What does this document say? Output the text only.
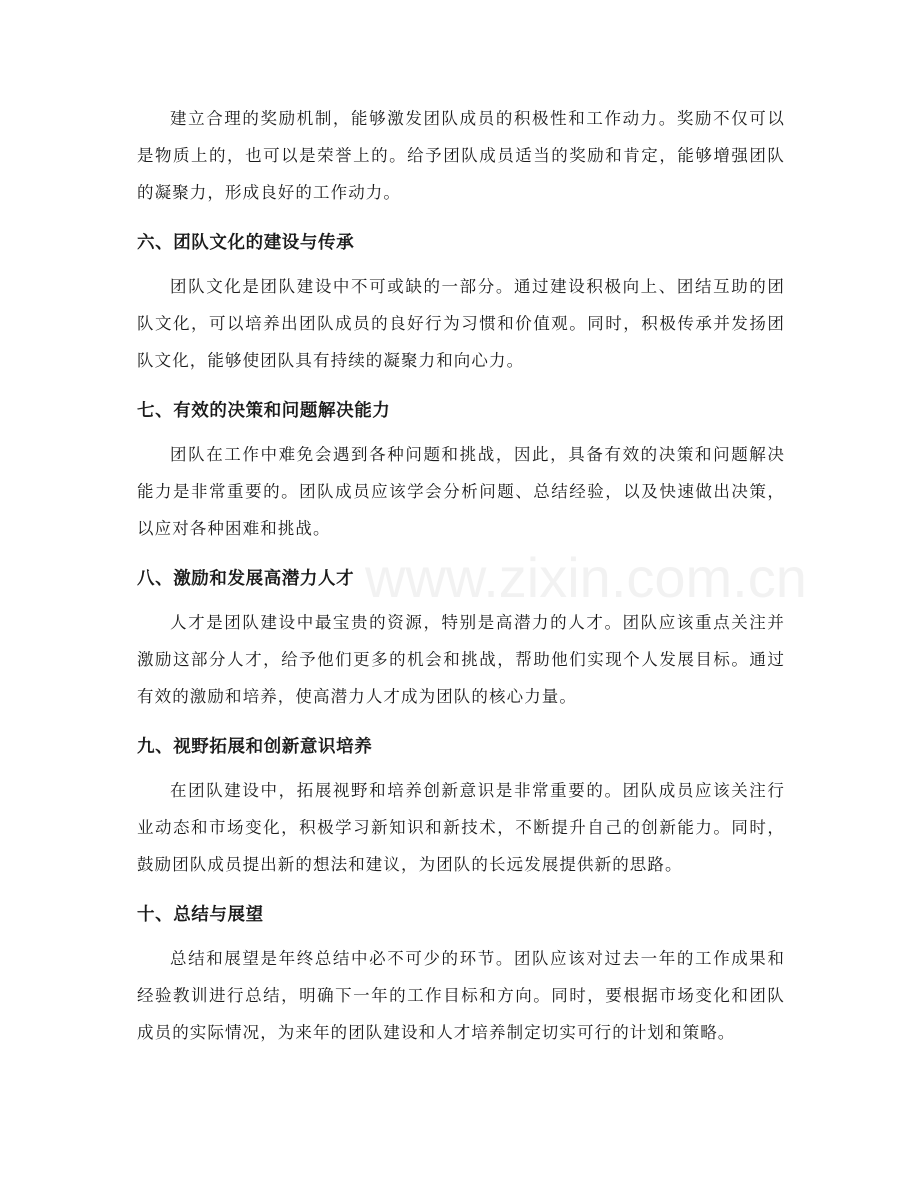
建立合理的奖励机制，能够激发团队成员的积极性和工作动力。奖励不仅可以是物质上的，也可以是荣誉上的。给予团队成员适当的奖励和肯定，能够增强团队的凝聚力，形成良好的工作动力。

六、团队文化的建设与传承

团队文化是团队建设中不可或缺的一部分。通过建设积极向上、团结互助的团队文化，可以培养出团队成员的良好行为习惯和价值观。同时，积极传承并发扬团队文化，能够使团队具有持续的凝聚力和向心力。

七、有效的决策和问题解决能力

团队在工作中难免会遇到各种问题和挑战，因此，具备有效的决策和问题解决能力是非常重要的。团队成员应该学会分析问题、总结经验，以及快速做出决策，以应对各种困难和挑战。

八、激励和发展高潜力人才

人才是团队建设中最宝贵的资源，特别是高潜力的人才。团队应该重点关注并激励这部分人才，给予他们更多的机会和挑战，帮助他们实现个人发展目标。通过有效的激励和培养，使高潜力人才成为团队的核心力量。

九、视野拓展和创新意识培养

在团队建设中，拓展视野和培养创新意识是非常重要的。团队成员应该关注行业动态和市场变化，积极学习新知识和新技术，不断提升自己的创新能力。同时，鼓励团队成员提出新的想法和建议，为团队的长远发展提供新的思路。

十、总结与展望

总结和展望是年终总结中必不可少的环节。团队应该对过去一年的工作成果和经验教训进行总结，明确下一年的工作目标和方向。同时，要根据市场变化和团队成员的实际情况，为来年的团队建设和人才培养制定切实可行的计划和策略。

www.zixin.com.cn
